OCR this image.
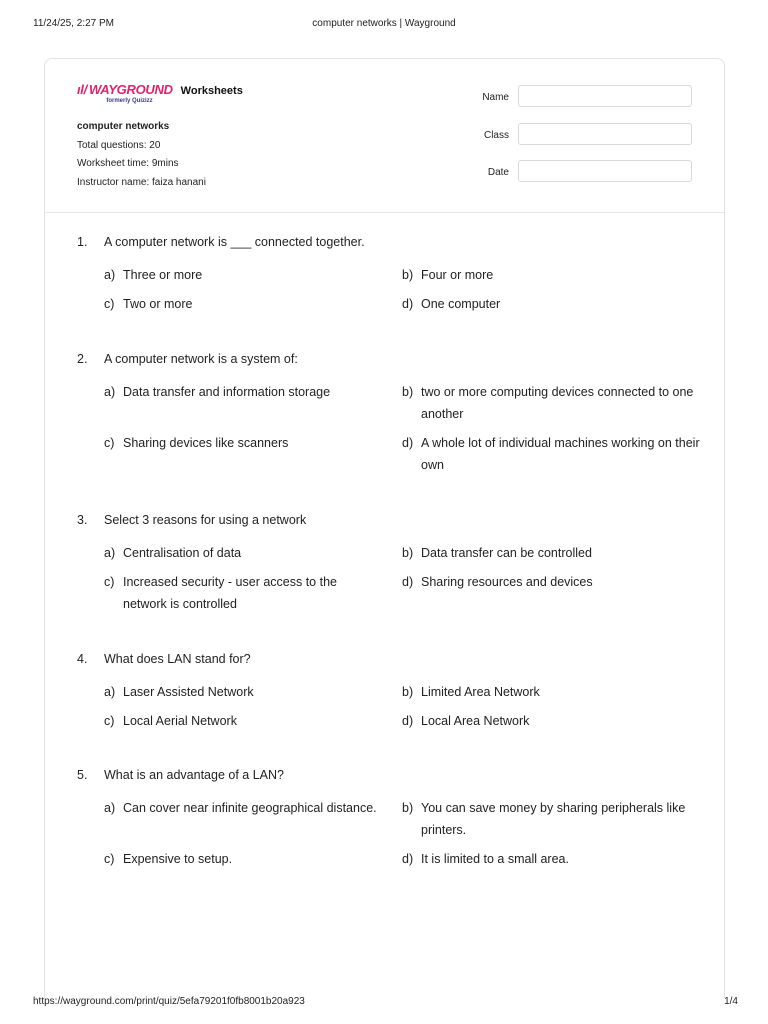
11/24/25, 2:27 PM	computer networks | Wayground
ıl/ WAYGROUND
formerly Quizizz
Worksheets
computer networks
Total questions: 20
Worksheet time: 9mins
Instructor name: faiza hanani
Name
Class
Date
1. A computer network is ___ connected together.
a) Three or more	b) Four or more
c) Two or more	d) One computer
2. A computer network is a system of:
a) Data transfer and information storage	b) two or more computing devices connected to one another
c) Sharing devices like scanners	d) A whole lot of individual machines working on their own
3. Select 3 reasons for using a network
a) Centralisation of data	b) Data transfer can be controlled
c) Increased security - user access to the network is controlled
d) Sharing resources and devices
4. What does LAN stand for?
a) Laser Assisted Network	b) Limited Area Network
c) Local Aerial Network	d) Local Area Network
5. What is an advantage of a LAN?
a) Can cover near infinite geographical distance.	b) You can save money by sharing peripherals like printers.
c) Expensive to setup.	d) It is limited to a small area.
https://wayground.com/print/quiz/5efa79201f0fb8001b20a923	1/4
